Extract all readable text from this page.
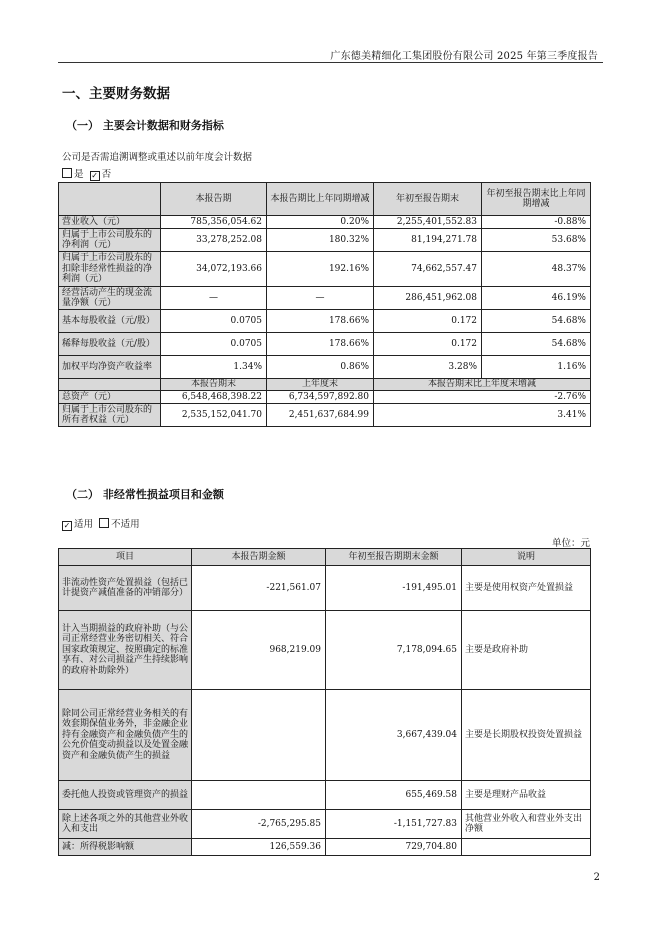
广东德美精细化工集团股份有限公司 2025 年第三季度报告
一、主要财务数据
（一） 主要会计数据和财务指标
公司是否需追溯调整或重述以前年度会计数据
是 ✓ 否
	本报告期	本报告期比上年同期增减	年初至报告期末	年初至报告期末比上年同期增减
营业收入（元）	785,356,054.62	0.20%	2,255,401,552.83	-0.88%
归属于上市公司股东的净利润（元）	33,278,252.08	180.32%	81,194,271.78	53.68%
归属于上市公司股东的扣除非经常性损益的净利润（元）	34,072,193.66	192.16%	74,662,557.47	48.37%
经营活动产生的现金流量净额（元）	—	—	286,451,962.08	46.19%
基本每股收益（元/股）	0.0705	178.66%	0.172	54.68%
稀释每股收益（元/股）	0.0705	178.66%	0.172	54.68%
加权平均净资产收益率	1.34%	0.86%	3.28%	1.16%
	本报告期末	上年度末	本报告期末比上年度末增减	
总资产（元）	6,548,468,398.22	6,734,597,892.80	-2.76%	
归属于上市公司股东的所有者权益（元）	2,535,152,041.70	2,451,637,684.99	3.41%	
（二） 非经常性损益项目和金额
✓ 适用 不适用
单位：元
项目	本报告期金额	年初至报告期期末金额	说明
非流动性资产处置损益（包括已计提资产减值准备的冲销部分）	-221,561.07	-191,495.01	主要是使用权资产处置损益
计入当期损益的政府补助（与公司正常经营业务密切相关、符合国家政策规定、按照确定的标准享有、对公司损益产生持续影响的政府补助除外）	968,219.09	7,178,094.65	主要是政府补助
除同公司正常经营业务相关的有效套期保值业务外，非金融企业持有金融资产和金融负债产生的公允价值变动损益以及处置金融资产和金融负债产生的损益		3,667,439.04	主要是长期股权投资处置损益
委托他人投资或管理资产的损益		655,469.58	主要是理财产品收益
除上述各项之外的其他营业外收入和支出	-2,765,295.85	-1,151,727.83	其他营业外收入和营业外支出净额
减：所得税影响额	126,559.36	729,704.80	
2
